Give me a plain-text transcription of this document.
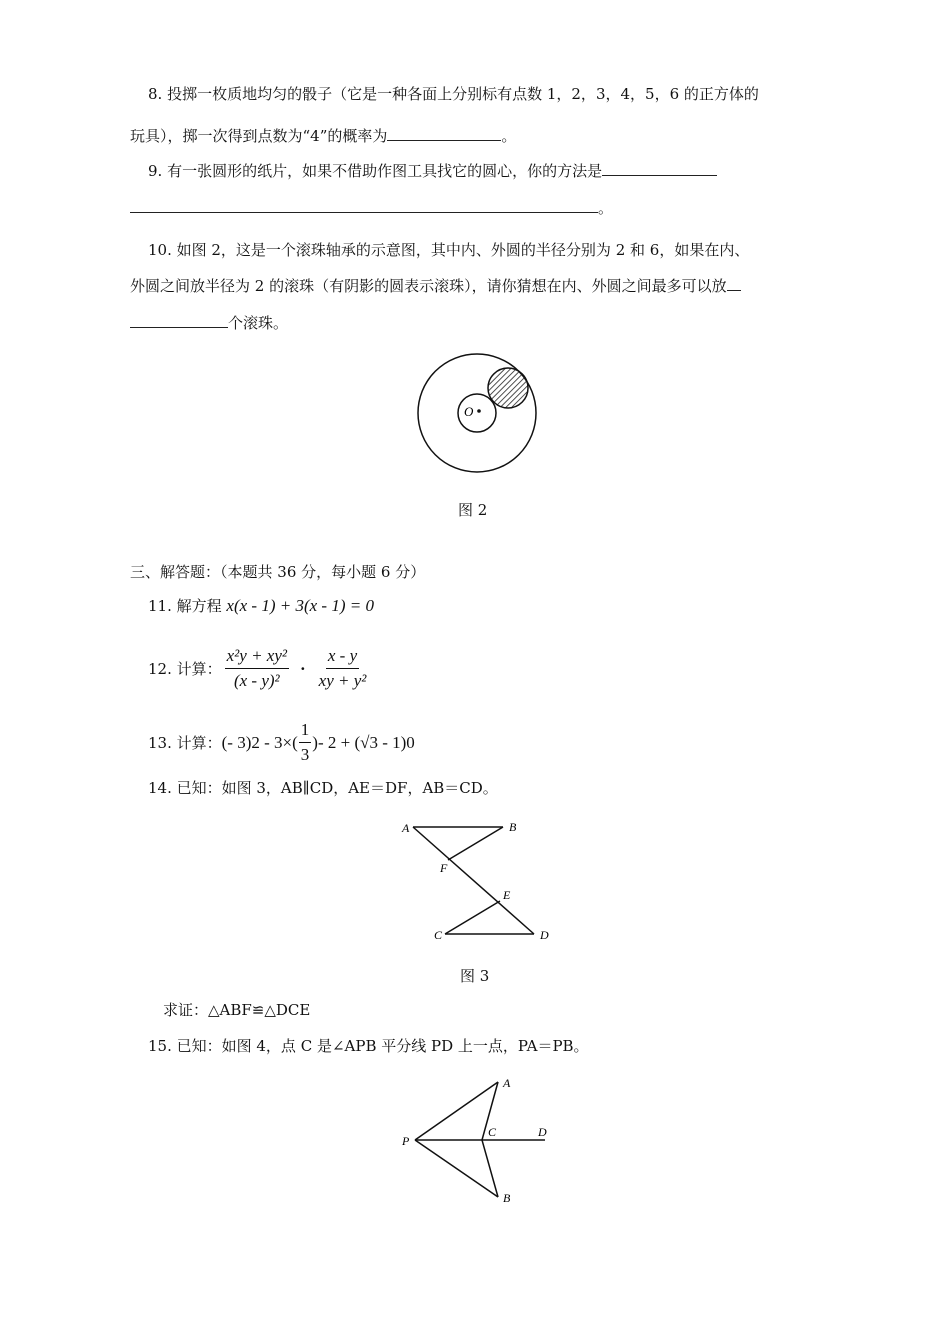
8. 投掷一枚质地均匀的骰子（它是一种各面上分别标有点数 1，2，3，4，5，6 的正方体的
玩具），掷一次得到点数为“4”的概率为	。
9. 有一张圆形的纸片，如果不借助作图工具找它的圆心，你的方法是
。
10. 如图 2，这是一个滚珠轴承的示意图，其中内、外圆的半径分别为 2 和 6，如果在内、
外圆之间放半径为 2 的滚珠（有阴影的圆表示滚珠），请你猜想在内、外圆之间最多可以放
个滚珠。
O
图 2
三、解答题：（本题共 36 分，每小题 6 分）
11. 解方程 x(x - 1) + 3(x - 1) = 0
12. 计算： $\frac{\text{x²y + xy²}}{\text{(x - y)²}} \cdot \frac{x - y}{\text{xy + y²}}$
13. 计算： (- 3) $2 - 3\times( \frac{1}{3}$ ) - 2 + (√3 - 1) 0
14. 已知：如图 3，AB∥CD，AE＝DF，AB＝CD。
A	B
F
E
C	D
图 3
求证：△ABF≌△DCE
15. 已知：如图 4，点 C 是∠APB 平分线 PD 上一点，PA＝PB。
P
A
C	D
B
